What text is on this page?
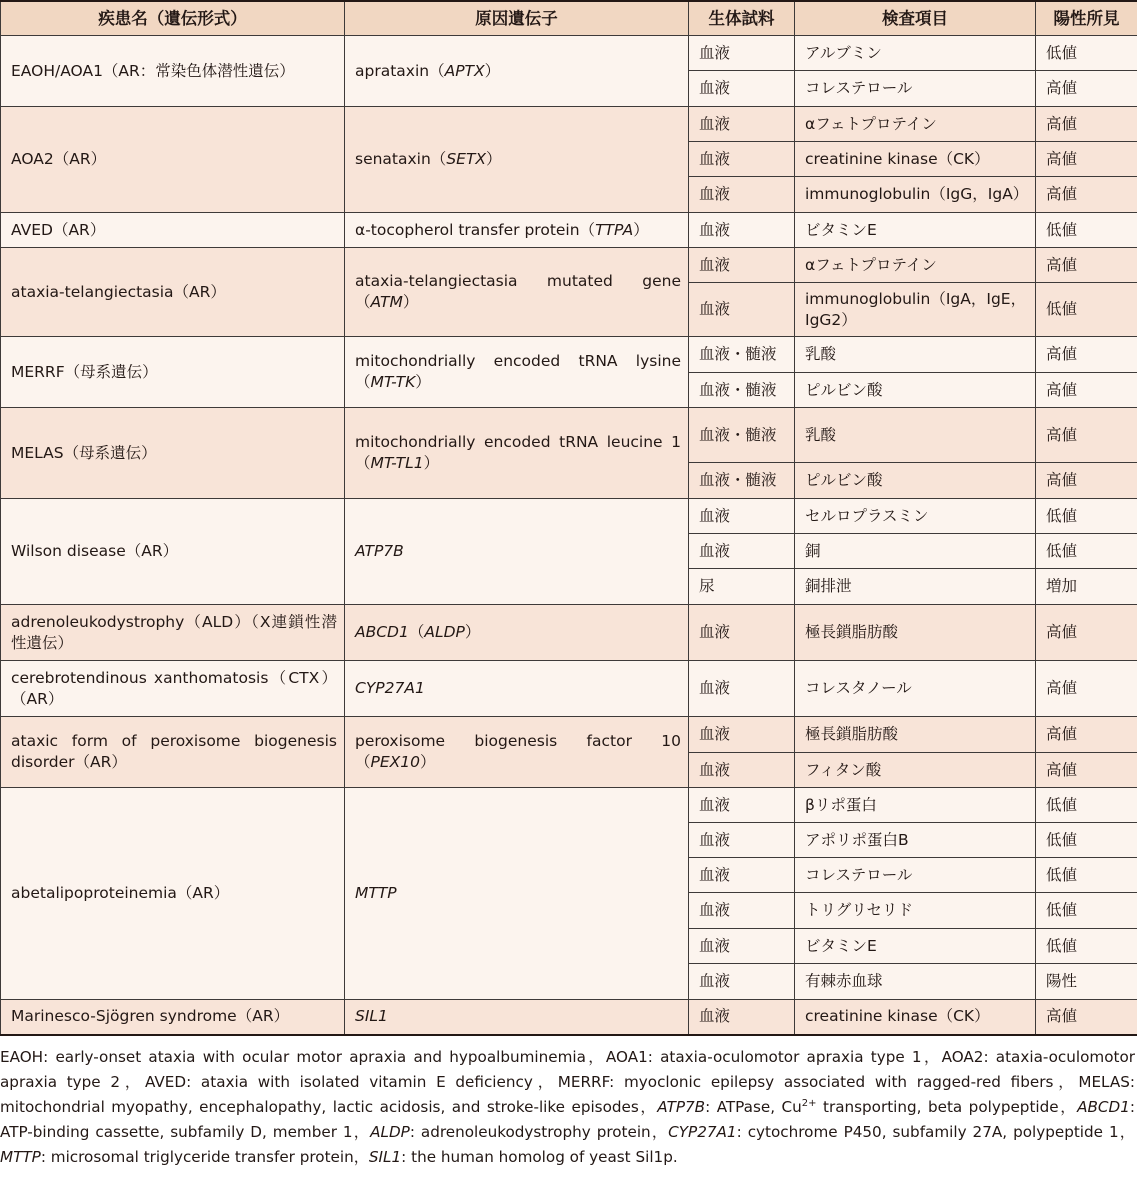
疾患名（遺伝形式）	原因遺伝子	生体試料	検査項目	陽性所見
EAOH/AOA1（AR：常染色体潜性遺伝）	aprataxin（APTX）	血液	アルブミン	低値
		血液	コレステロール	高値
AOA2（AR）	senataxin（SETX）	血液	αフェトプロテイン	高値
		血液	creatinine kinase（CK）	高値
		血液	immunoglobulin（IgG，IgA）	高値
AVED（AR）	α-tocopherol transfer protein（TTPA）	血液	ビタミンE	低値
ataxia-telangiectasia（AR）	ataxia-telangiectasia mutated gene（ATM）	血液	αフェトプロテイン	高値
		血液	immunoglobulin（IgA，IgE，IgG2）	低値
MERRF（母系遺伝）	mitochondrially encoded tRNA lysine（MT-TK）	血液・髄液	乳酸	高値
		血液・髄液	ピルビン酸	高値
MELAS（母系遺伝）	mitochondrially encoded tRNA leucine 1（MT-TL1）	血液・髄液	乳酸	高値
		血液・髄液	ピルビン酸	高値
Wilson disease（AR）	ATP7B	血液	セルロプラスミン	低値
		血液	銅	低値
		尿	銅排泄	増加
adrenoleukodystrophy（ALD）（X連鎖性潜性遺伝）	ABCD1（ALDP）	血液	極長鎖脂肪酸	高値
cerebrotendinous xanthomatosis（CTX）（AR）	CYP27A1	血液	コレスタノール	高値
ataxic form of peroxisome biogenesis disorder（AR）	peroxisome biogenesis factor 10（PEX10）	血液	極長鎖脂肪酸	高値
		血液	フィタン酸	高値
abetalipoproteinemia（AR）	MTTP	血液	βリポ蛋白	低値
		血液	アポリポ蛋白B	低値
		血液	コレステロール	低値
		血液	トリグリセリド	低値
		血液	ビタミンE	低値
		血液	有棘赤血球	陽性
Marinesco-Sjögren syndrome（AR）	SIL1	血液	creatinine kinase（CK）	高値
EAOH: early-onset ataxia with ocular motor apraxia and hypoalbuminemia，AOA1: ataxia-oculomotor apraxia type 1，AOA2: ataxia-oculomotor apraxia type 2，AVED: ataxia with isolated vitamin E deficiency，MERRF: myoclonic epilepsy associated with ragged-red fibers，MELAS: mitochondrial myopathy, encephalopathy, lactic acidosis, and stroke-like episodes，ATP7B: ATPase, $Cu^{2+}$ transporting, beta polypeptide，ABCD1: ATP-binding cassette, subfamily D, member 1，ALDP: adrenoleukodystrophy protein，CYP27A1: cytochrome P450, subfamily 27A, polypeptide 1，MTTP: microsomal triglyceride transfer protein，SIL1: the human homolog of yeast Sil1p.
